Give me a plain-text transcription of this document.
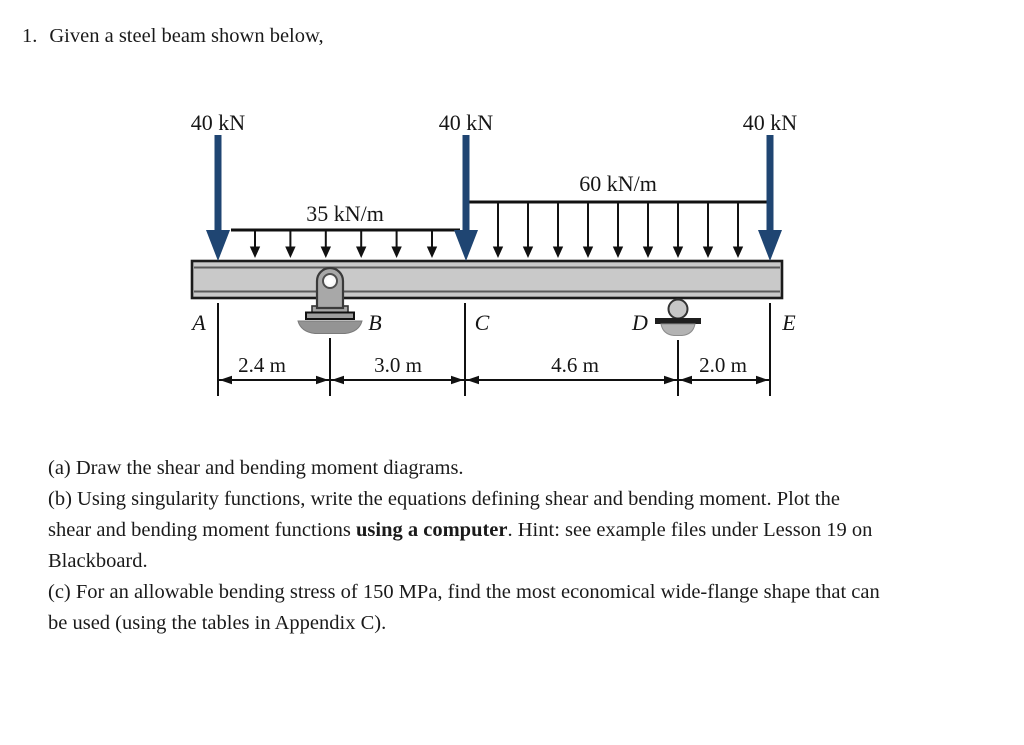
1. Given a steel beam shown below,
35 kN/m
60 kN/m
40 kN	40 kN	40 kN
A	B	C	D	E
2.4 m	3.0 m	4.6 m	2.0 m
(a) Draw the shear and bending moment diagrams.
(b) Using singularity functions, write the equations defining shear and bending moment. Plot the
shear and bending moment functions using a computer. Hint: see example files under Lesson 19 on
Blackboard.
(c) For an allowable bending stress of 150 MPa, find the most economical wide-flange shape that can
be used (using the tables in Appendix C).
